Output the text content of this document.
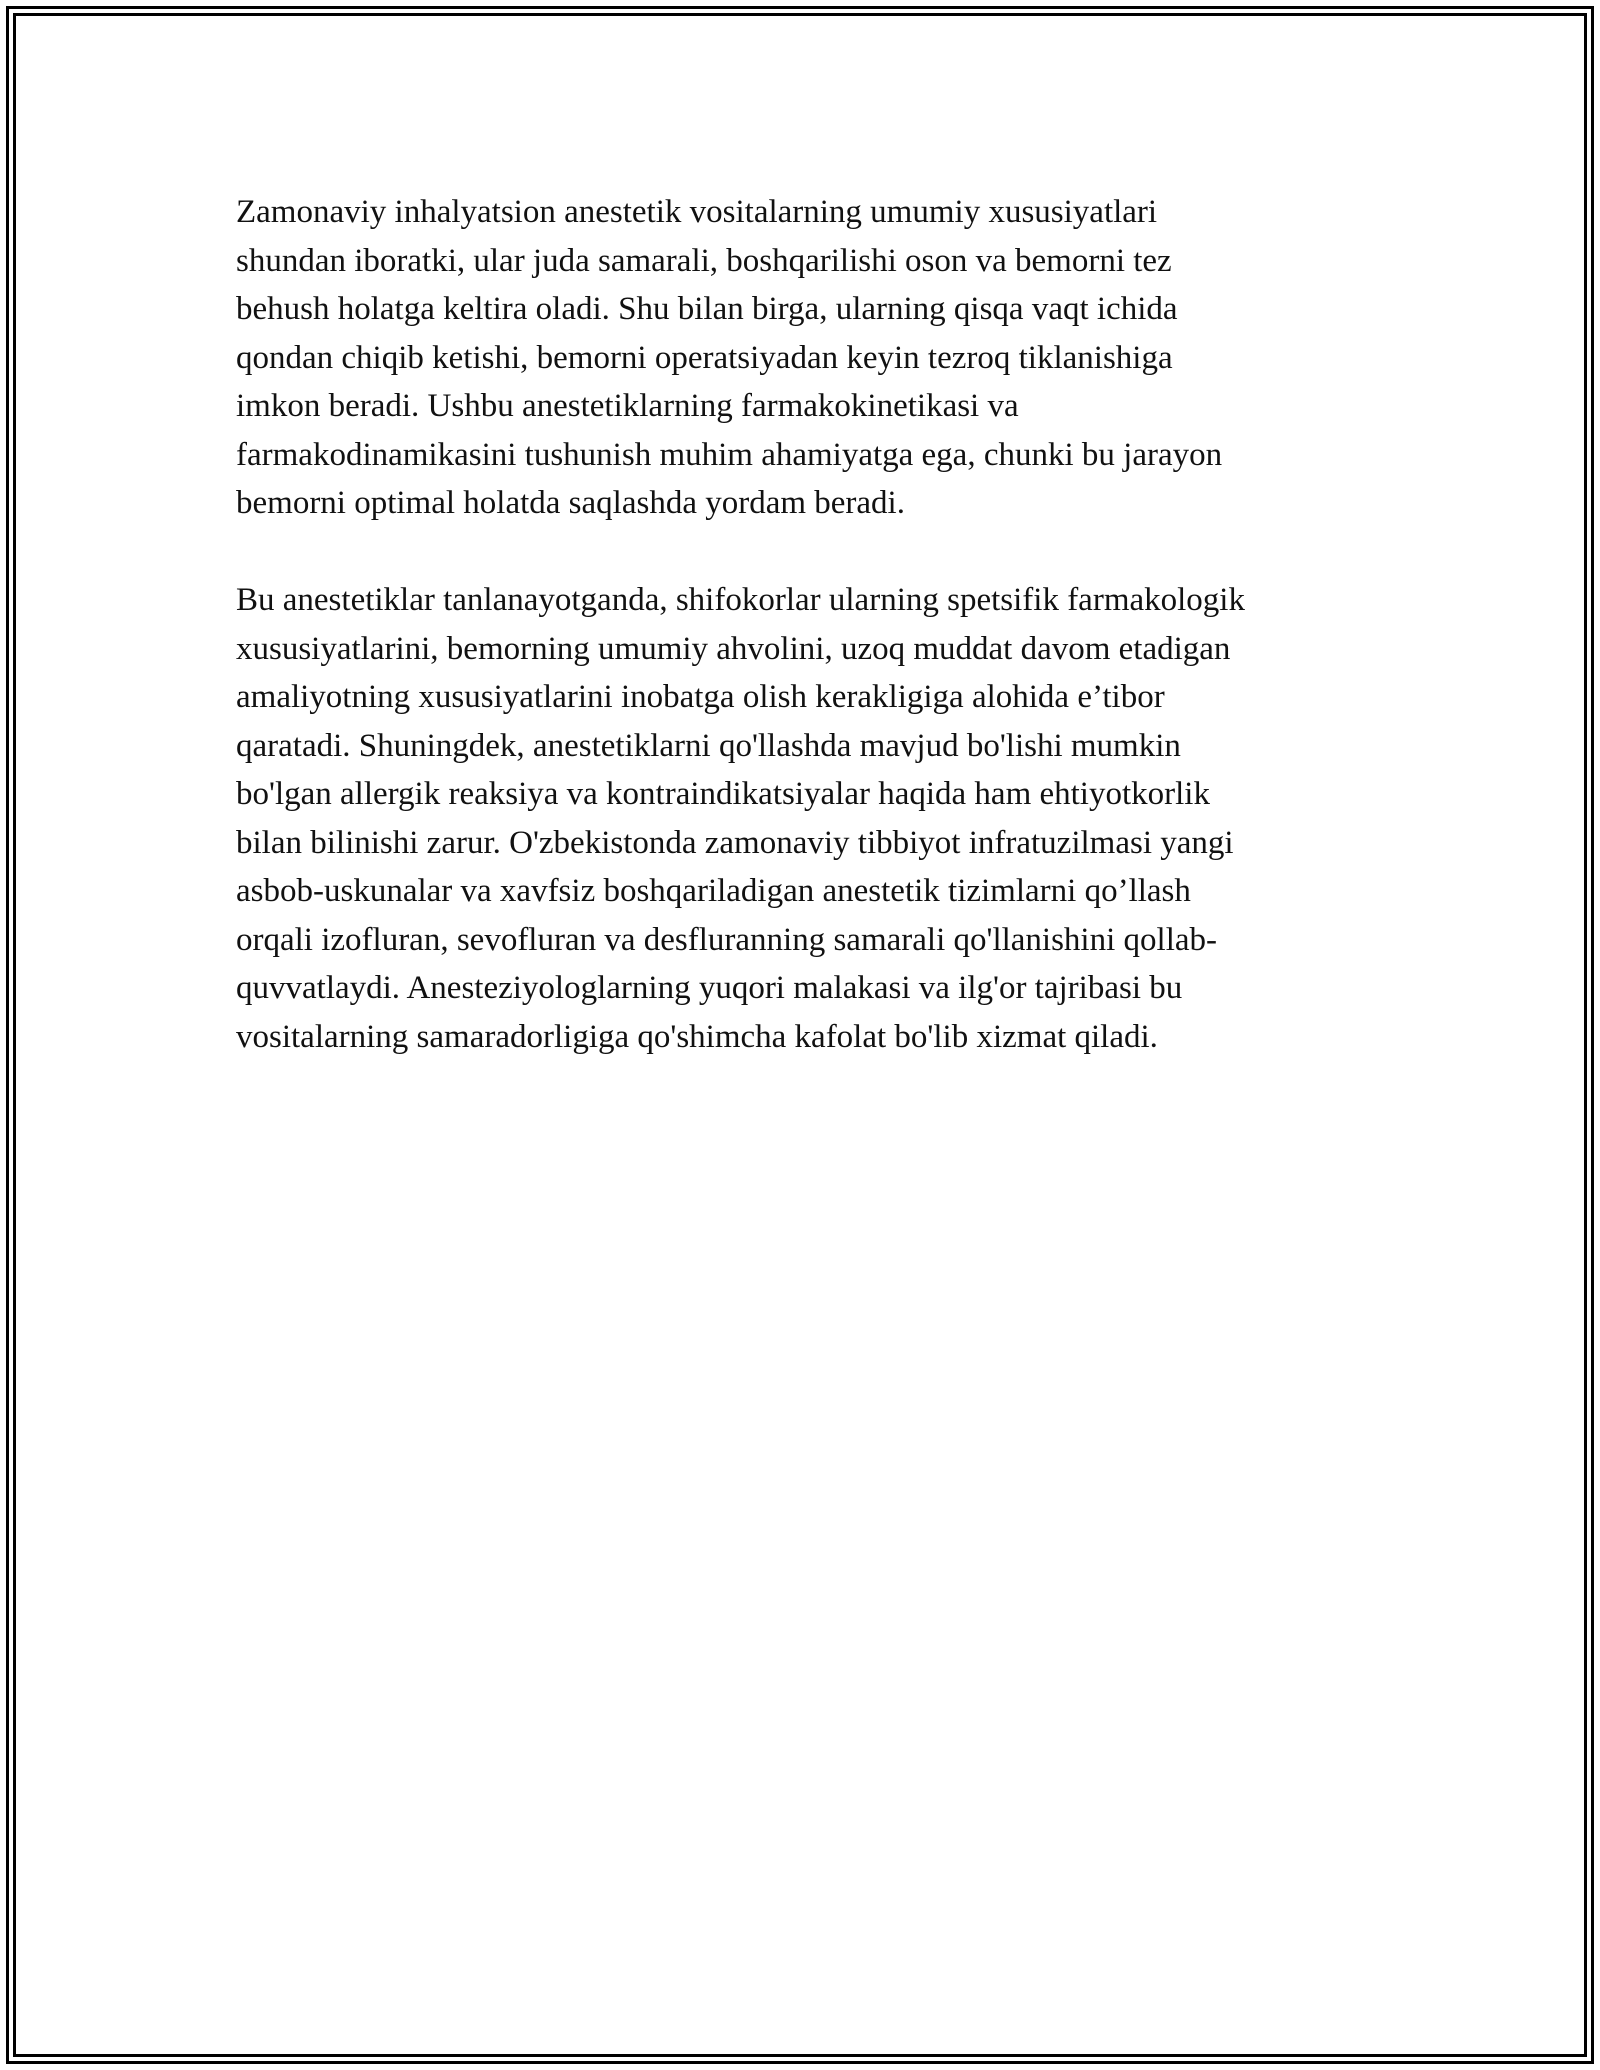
Zamonaviy inhalyatsion anestetik vositalarning umumiy xususiyatlari
shundan iboratki, ular juda samarali, boshqarilishi oson va bemorni tez
behush holatga keltira oladi. Shu bilan birga, ularning qisqa vaqt ichida
qondan chiqib ketishi, bemorni operatsiyadan keyin tezroq tiklanishiga
imkon beradi. Ushbu anestetiklarning farmakokinetikasi va
farmakodinamikasini tushunish muhim ahamiyatga ega, chunki bu jarayon
bemorni optimal holatda saqlashda yordam beradi.

Bu anestetiklar tanlanayotganda, shifokorlar ularning spetsifik farmakologik
xususiyatlarini, bemorning umumiy ahvolini, uzoq muddat davom etadigan
amaliyotning xususiyatlarini inobatga olish kerakligiga alohida e’tibor
qaratadi. Shuningdek, anestetiklarni qo'llashda mavjud bo'lishi mumkin
bo'lgan allergik reaksiya va kontraindikatsiyalar haqida ham ehtiyotkorlik
bilan bilinishi zarur. O'zbekistonda zamonaviy tibbiyot infratuzilmasi yangi
asbob-uskunalar va xavfsiz boshqariladigan anestetik tizimlarni qo’llash
orqali izofluran, sevofluran va desfluranning samarali qo'llanishini qollab-
quvvatlaydi. Anesteziyologlarning yuqori malakasi va ilg'or tajribasi bu
vositalarning samaradorligiga qo'shimcha kafolat bo'lib xizmat qiladi.
